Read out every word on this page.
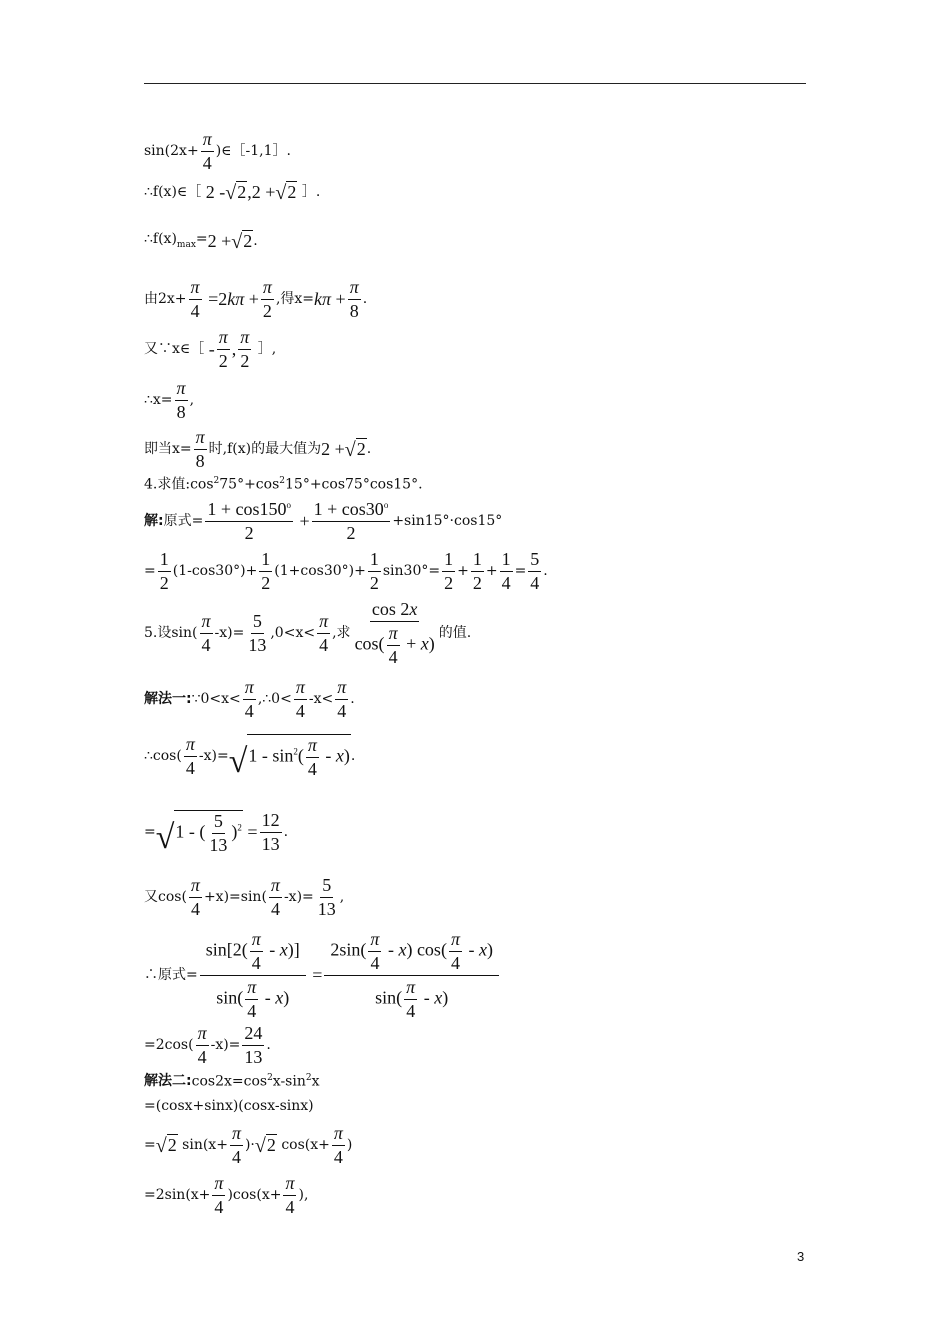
$\sin(2x+ \frac{\pi}{4}$ )∈［-1,1］.
∴f(x)∈［ 2 - √ 2 ,2 + √ 2 ］.
$\therefore f(x)_{max}= 2$ + √ 2 .
由$2x+ \frac{\pi}{4} =2k\pi + \frac{\pi}{2}$ ,得$x= k\pi + \frac{\pi}{8}$ .
又∵x∈［ -
π
2
,
π
2
］,
∴x= $\frac{\pi}{8}$ ,
即当$x= \frac{\pi}{8}$ 时,f(x)的最大值为 2 + √ 2 .
4.求值$:\cos^275^\circ+\cos^215^\circ+\cos 75^\circ\cos 15^\circ$.
解: 原式= $\frac{1 + \cos 150^o}{2} + \frac{1 + \cos 30^o}{2} +\sin 15^\circ\cdot\cos 15^\circ$
= $\frac{1}{2} (1-\cos 30^\circ)+ \frac{1}{2} (1+\cos 30^\circ)+ \frac{1}{2} \sin 30^\circ= \frac{1}{2} + \frac{1}{2} + \frac{1}{4} = \frac{5}{4}$ .
5.设sin(
π
4
$-x)= \frac{5}{13} ,0<x<$
π
4
,求
cos 2x
$\cos( \frac{\pi}{4} + x)$
的值.
解法一: ∵0<x<
π
4
,∴0<
π
4
-x<
π
4
.
∴cos(
π
4
-x)= √ $1 - \sin^2( \frac{\pi}{4} - x)$ .
= √ 1 - ( $\frac{5}{13} )^2 = \frac{12}{13}$ .
又cos(
π
4
+x)=sin(
π
4
$-x)= \frac{5}{13}$ ,
∴原式= $\frac{\sin[2( \frac{\pi}{4} - x)]}{\sin( \frac{\pi}{4} - x)} = \frac{2\sin( \frac{\pi}{4} - x) \cos( \frac{\pi}{4} - x)}{\sin( \frac{\pi}{4} - x)}$
=2cos(
π
4
$-x)= \frac{24}{13}$ .
解法二: $\cos 2x=\cos^2x-\sin^2x$
=(cosx+sinx)(cosx-sinx)
= √ 2 $\sin(x+ \frac{\pi}{4}$ )· √ 2 $\cos(x+ \frac{\pi}{4}$ )
$=2\sin(x+ \frac{\pi}{4} )\cos(x+ \frac{\pi}{4}$ ),
3
